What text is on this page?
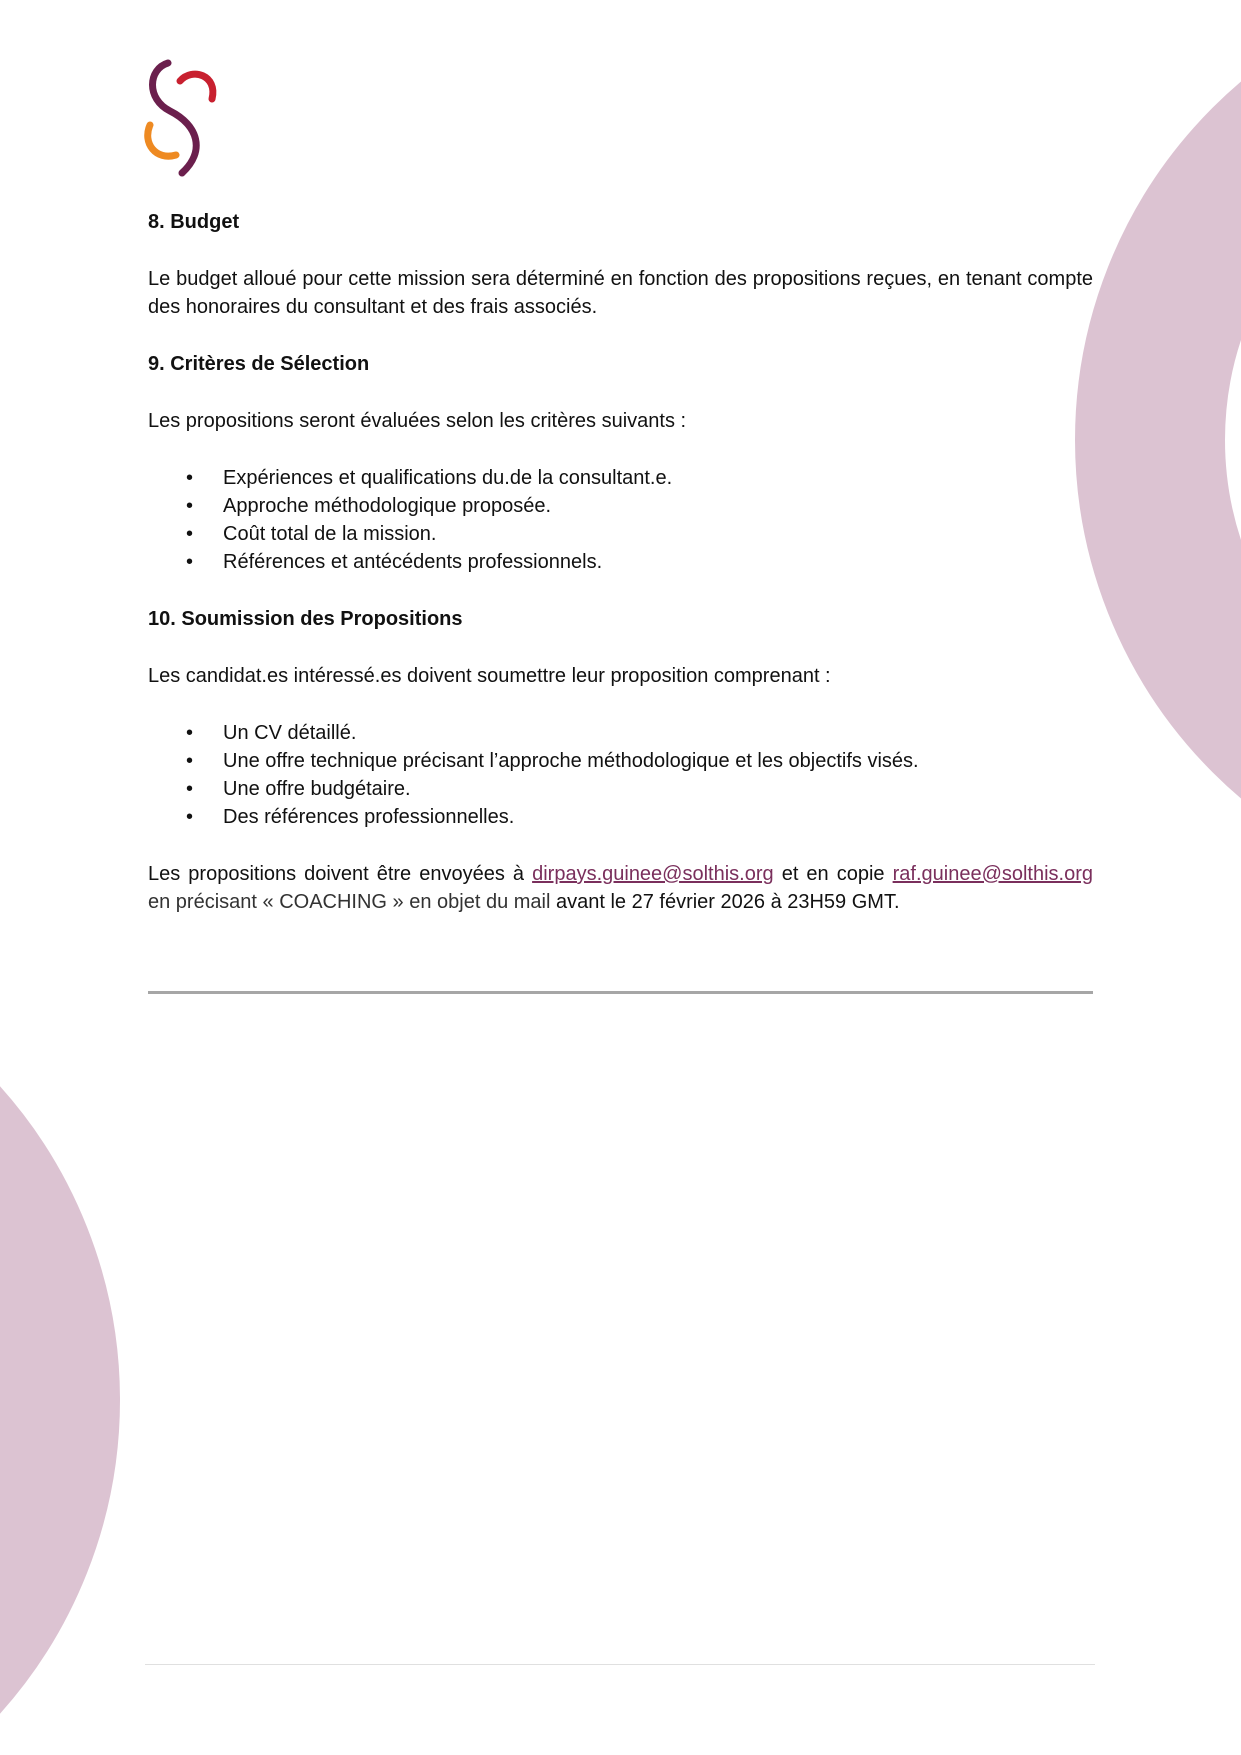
8. Budget

Le budget alloué pour cette mission sera déterminé en fonction des propositions reçues, en tenant compte des honoraires du consultant et des frais associés.

9. Critères de Sélection

Les propositions seront évaluées selon les critères suivants :

• Expériences et qualifications du.de la consultant.e.
• Approche méthodologique proposée.
• Coût total de la mission.
• Références et antécédents professionnels.
10. Soumission des Propositions

Les candidat.es intéressé.es doivent soumettre leur proposition comprenant :

• Un CV détaillé.
• Une offre technique précisant l’approche méthodologique et les objectifs visés.
• Une offre budgétaire.
• Des références professionnelles.

Les propositions doivent être envoyées à dirpays.guinee@solthis.org et en copie raf.guinee@solthis.org en précisant « COACHING » en objet du mail avant le 27 février 2026 à 23H59 GMT.
